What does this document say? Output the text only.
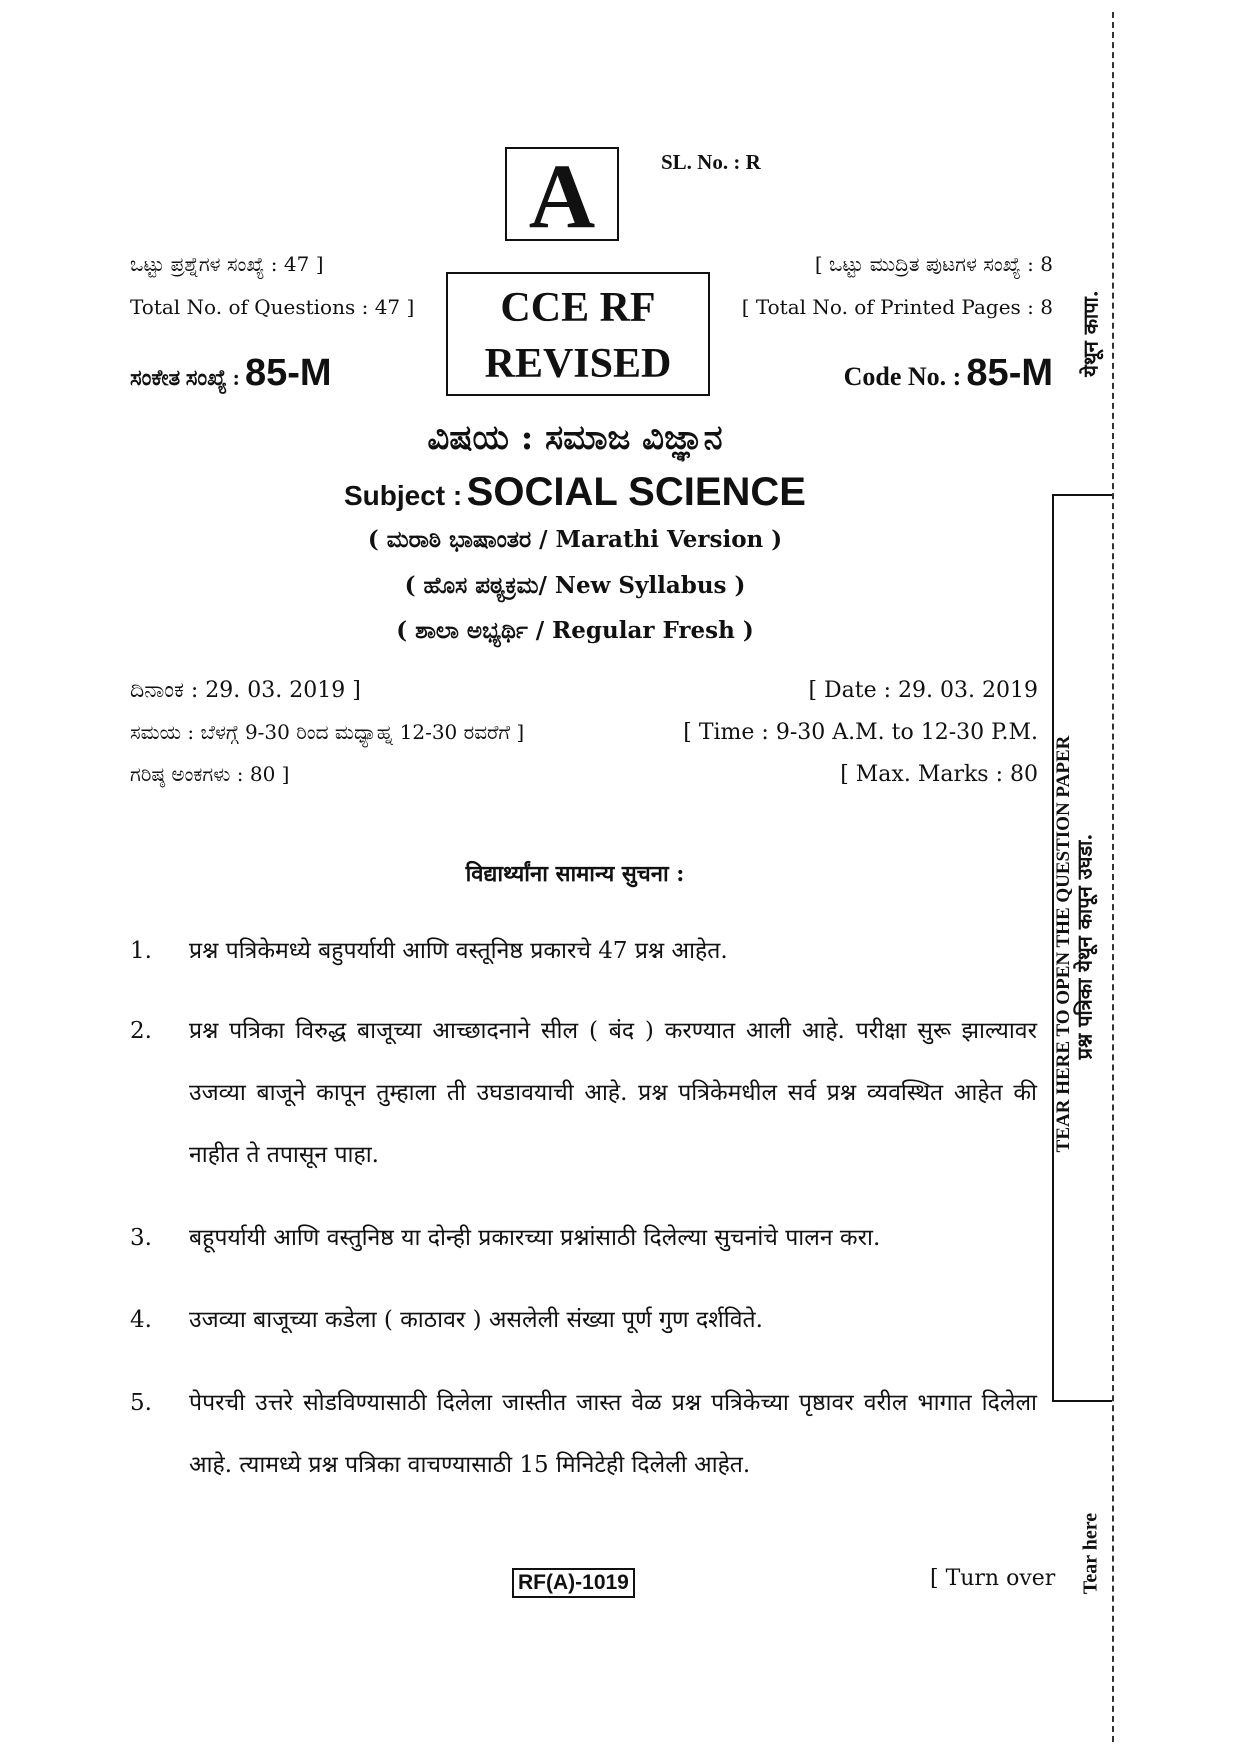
A	SL. No. : R
ಒಟ್ಟು ಪ್ರಶ್ನೆಗಳ ಸಂಖ್ಯೆ : 47 ]
Total No. of Questions : 47 ]
ಸಂಕೇತ ಸಂಖ್ಯೆ : 85-M
CCE RF
REVISED
[ ಒಟ್ಟು ಮುದ್ರಿತ ಪುಟಗಳ ಸಂಖ್ಯೆ : 8
[ Total No. of Printed Pages : 8
Code No. : 85-M
ವಿಷಯ : ಸಮಾಜ ವಿಜ್ಞಾನ
Subject : SOCIAL SCIENCE
( ಮರಾಠಿ ಭಾಷಾಂತರ / Marathi Version )
( ಹೊಸ ಪಠ್ಯಕ್ರಮ/ New Syllabus )
( ಶಾಲಾ ಅಭ್ಯರ್ಥಿ / Regular Fresh )
ದಿನಾಂಕ : 29. 03. 2019 ]	[ Date : 29. 03. 2019
ಸಮಯ : ಬೆಳಗ್ಗೆ 9-30 ರಿಂದ ಮಧ್ಯಾಹ್ನ 12-30 ರವರೆಗೆ ]	[ Time : 9-30 A.M. to 12-30 P.M.
ಗರಿಷ್ಠ ಅಂಕಗಳು : 80 ]	[ Max. Marks : 80
विद्यार्थ्यांना सामान्य सुचना :
1. प्रश्न पत्रिकेमध्ये बहुपर्यायी आणि वस्तूनिष्ठ प्रकारचे 47 प्रश्न आहेत.
2. प्रश्न पत्रिका विरुद्ध बाजूच्या आच्छादनाने सील ( बंद ) करण्यात आली आहे. परीक्षा सुरू झाल्यावर उजव्या बाजूने कापून तुम्हाला ती उघडावयाची आहे. प्रश्न पत्रिकेमधील सर्व प्रश्न व्यवस्थित आहेत की नाहीत ते तपासून पाहा.
3. बहूपर्यायी आणि वस्तुनिष्ठ या दोन्ही प्रकारच्या प्रश्नांसाठी दिलेल्या सुचनांचे पालन करा.
4. उजव्या बाजूच्या कडेला ( काठावर ) असलेली संख्या पूर्ण गुण दर्शविते.
5. पेपरची उत्तरे सोडविण्यासाठी दिलेला जास्तीत जास्त वेळ प्रश्न पत्रिकेच्या पृष्ठावर वरील भागात दिलेला आहे. त्यामध्ये प्रश्न पत्रिका वाचण्यासाठी 15 मिनिटेही दिलेली आहेत.
RF(A)-1019	[ Turn over
येथून कापा.
TEAR HERE TO OPEN THE QUESTION PAPER
प्रश्न पत्रिका येथून कापून उघडा.
Tear here
